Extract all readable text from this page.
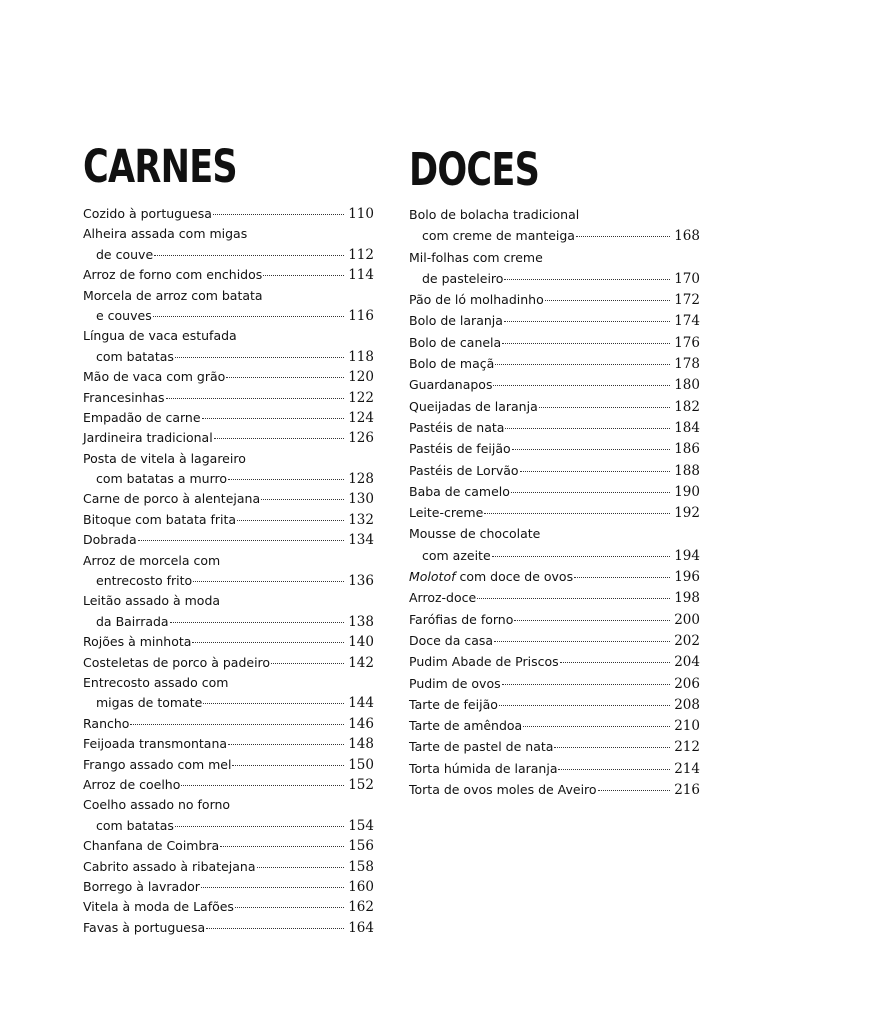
CARNES
Cozido à portuguesa	110
Alheira assada com migas
de couve	112
Arroz de forno com enchidos	114
Morcela de arroz com batata
e couves	116
Língua de vaca estufada
com batatas	118
Mão de vaca com grão	120
Francesinhas	122
Empadão de carne	124
Jardineira tradicional	126
Posta de vitela à lagareiro
com batatas a murro	128
Carne de porco à alentejana	130
Bitoque com batata frita	132
Dobrada	134
Arroz de morcela com
entrecosto frito	136
Leitão assado à moda
da Bairrada	138
Rojões à minhota	140
Costeletas de porco à padeiro	142
Entrecosto assado com
migas de tomate	144
Rancho	146
Feijoada transmontana	148
Frango assado com mel	150
Arroz de coelho	152
Coelho assado no forno
com batatas	154
Chanfana de Coimbra	156
Cabrito assado à ribatejana	158
Borrego à lavrador	160
Vitela à moda de Lafões	162
Favas à portuguesa	164
DOCES
Bolo de bolacha tradicional
com creme de manteiga	168
Mil-folhas com creme
de pasteleiro	170
Pão de ló molhadinho	172
Bolo de laranja	174
Bolo de canela	176
Bolo de maçã	178
Guardanapos	180
Queijadas de laranja	182
Pastéis de nata	184
Pastéis de feijão	186
Pastéis de Lorvão	188
Baba de camelo	190
Leite-creme	192
Mousse de chocolate
com azeite	194
Molotof com doce de ovos	196
Arroz-doce	198
Farófias de forno	200
Doce da casa	202
Pudim Abade de Priscos	204
Pudim de ovos	206
Tarte de feijão	208
Tarte de amêndoa	210
Tarte de pastel de nata	212
Torta húmida de laranja	214
Torta de ovos moles de Aveiro	216
